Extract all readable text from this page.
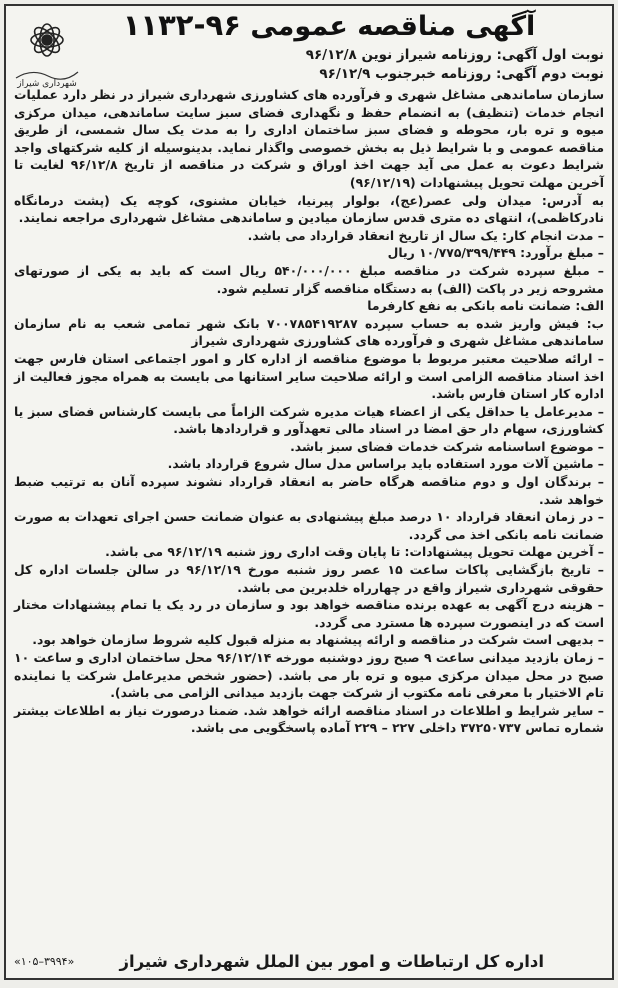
آگهی مناقصه عمومی ۹۶-۱۱۳۲
شهرداری شیراز
نوبت اول آگهی: روزنامه شیراز نوین ۹۶/۱۲/۸
نوبت دوم آگهی: روزنامه خبرجنوب ۹۶/۱۲/۹

سازمان ساماندهی مشاغل شهری و فرآورده های کشاورزی شهرداری شیراز در نظر دارد عملیات انجام خدمات (تنظیف) به انضمام حفظ و نگهداری فضای سبز سایت ساماندهی، میدان مرکزی میوه و تره بار، محوطه و فضای سبز ساختمان اداری را به مدت یک سال شمسی، از طریق مناقصه عمومی و با شرایط ذیل به بخش خصوصی واگذار نماید. بدینوسیله از کلیه شرکتهای واجد شرایط دعوت به عمل می آید جهت اخذ اوراق و شرکت در مناقصه از تاریخ ۹۶/۱۲/۸ لغایت تا آخرین مهلت تحویل پیشنهادات (۹۶/۱۲/۱۹)

به آدرس: میدان ولی عصر(عج)، بولوار پیرنیا، خیابان مشنوی، کوچه یک (پشت درمانگاه نادرکاظمی)، انتهای ده متری قدس سازمان میادین و ساماندهی مشاغل شهرداری مراجعه نمایند.

– مدت انجام کار: یک سال از تاریخ انعقاد قرارداد می باشد.

– مبلغ برآورد: ۱۰/۷۷۵/۳۹۹/۴۴۹ ریال

– مبلغ سپرده شرکت در مناقصه مبلغ ۵۴۰/۰۰۰/۰۰۰ ریال است که باید به یکی از صورتهای مشروحه زیر در پاکت (الف) به دستگاه مناقصه گزار تسلیم شود.

الف: ضمانت نامه بانکی به نفع کارفرما

ب: فیش واریز شده به حساب سپرده ۷۰۰۷۸۵۴۱۹۲۸۷ بانک شهر تمامی شعب به نام سازمان ساماندهی مشاغل شهری و فرآورده های کشاورزی شهرداری شیراز

– ارائه صلاحیت معتبر مربوط با موضوع مناقصه از اداره کار و امور اجتماعی استان فارس جهت اخذ اسناد مناقصه الزامی است و ارائه صلاحیت سایر استانها می بایست به همراه مجوز فعالیت از اداره کار استان فارس باشد.

– مدیرعامل یا حداقل یکی از اعضاء هیات مدیره شرکت الزاماً می بایست کارشناس فضای سبز یا کشاورزی، سهام دار حق امضا در اسناد مالی تعهدآور و قراردادها باشد.

– موضوع اساسنامه شرکت خدمات فضای سبز باشد.

– ماشین آلات مورد استفاده باید براساس مدل سال شروع قرارداد باشد.

– برندگان اول و دوم مناقصه هرگاه حاضر به انعقاد قرارداد نشوند سپرده آنان به ترتیب ضبط خواهد شد.

– در زمان انعقاد قرارداد ۱۰ درصد مبلغ پیشنهادی به عنوان ضمانت حسن اجرای تعهدات به صورت ضمانت نامه بانکی اخذ می گردد.

– آخرین مهلت تحویل پیشنهادات: تا پایان وقت اداری روز شنبه ۹۶/۱۲/۱۹ می باشد.

– تاریخ بازگشایی پاکات ساعت ۱۵ عصر روز شنبه مورخ ۹۶/۱۲/۱۹ در سالن جلسات اداره کل حقوقی شهرداری شیراز واقع در چهارراه خلدبرین می باشد.

– هزینه درج آگهی به عهده برنده مناقصه خواهد بود و سازمان در رد یک یا تمام پیشنهادات مختار است که در اینصورت سپرده ها مسترد می گردد.

– بدیهی است شرکت در مناقصه و ارائه پیشنهاد به منزله قبول کلیه شروط سازمان خواهد بود.

– زمان بازدید میدانی ساعت ۹ صبح روز دوشنبه مورخه ۹۶/۱۲/۱۴ محل ساختمان اداری و ساعت ۱۰ صبح در محل میدان مرکزی میوه و تره بار می باشد. (حضور شخص مدیرعامل شرکت یا نماینده تام الاختیار با معرفی نامه مکتوب از شرکت جهت بازدید میدانی الزامی می باشد).

– سایر شرایط و اطلاعات در اسناد مناقصه ارائه خواهد شد. ضمنا درصورت نیاز به اطلاعات بیشتر شماره تماس ۳۷۲۵۰۷۳۷ داخلی ۲۲۷ – ۲۲۹ آماده پاسخگویی می باشد.

اداره کل ارتباطات و امور بین الملل شهرداری شیراز
«۱۰۵–۳۹۹۴»
